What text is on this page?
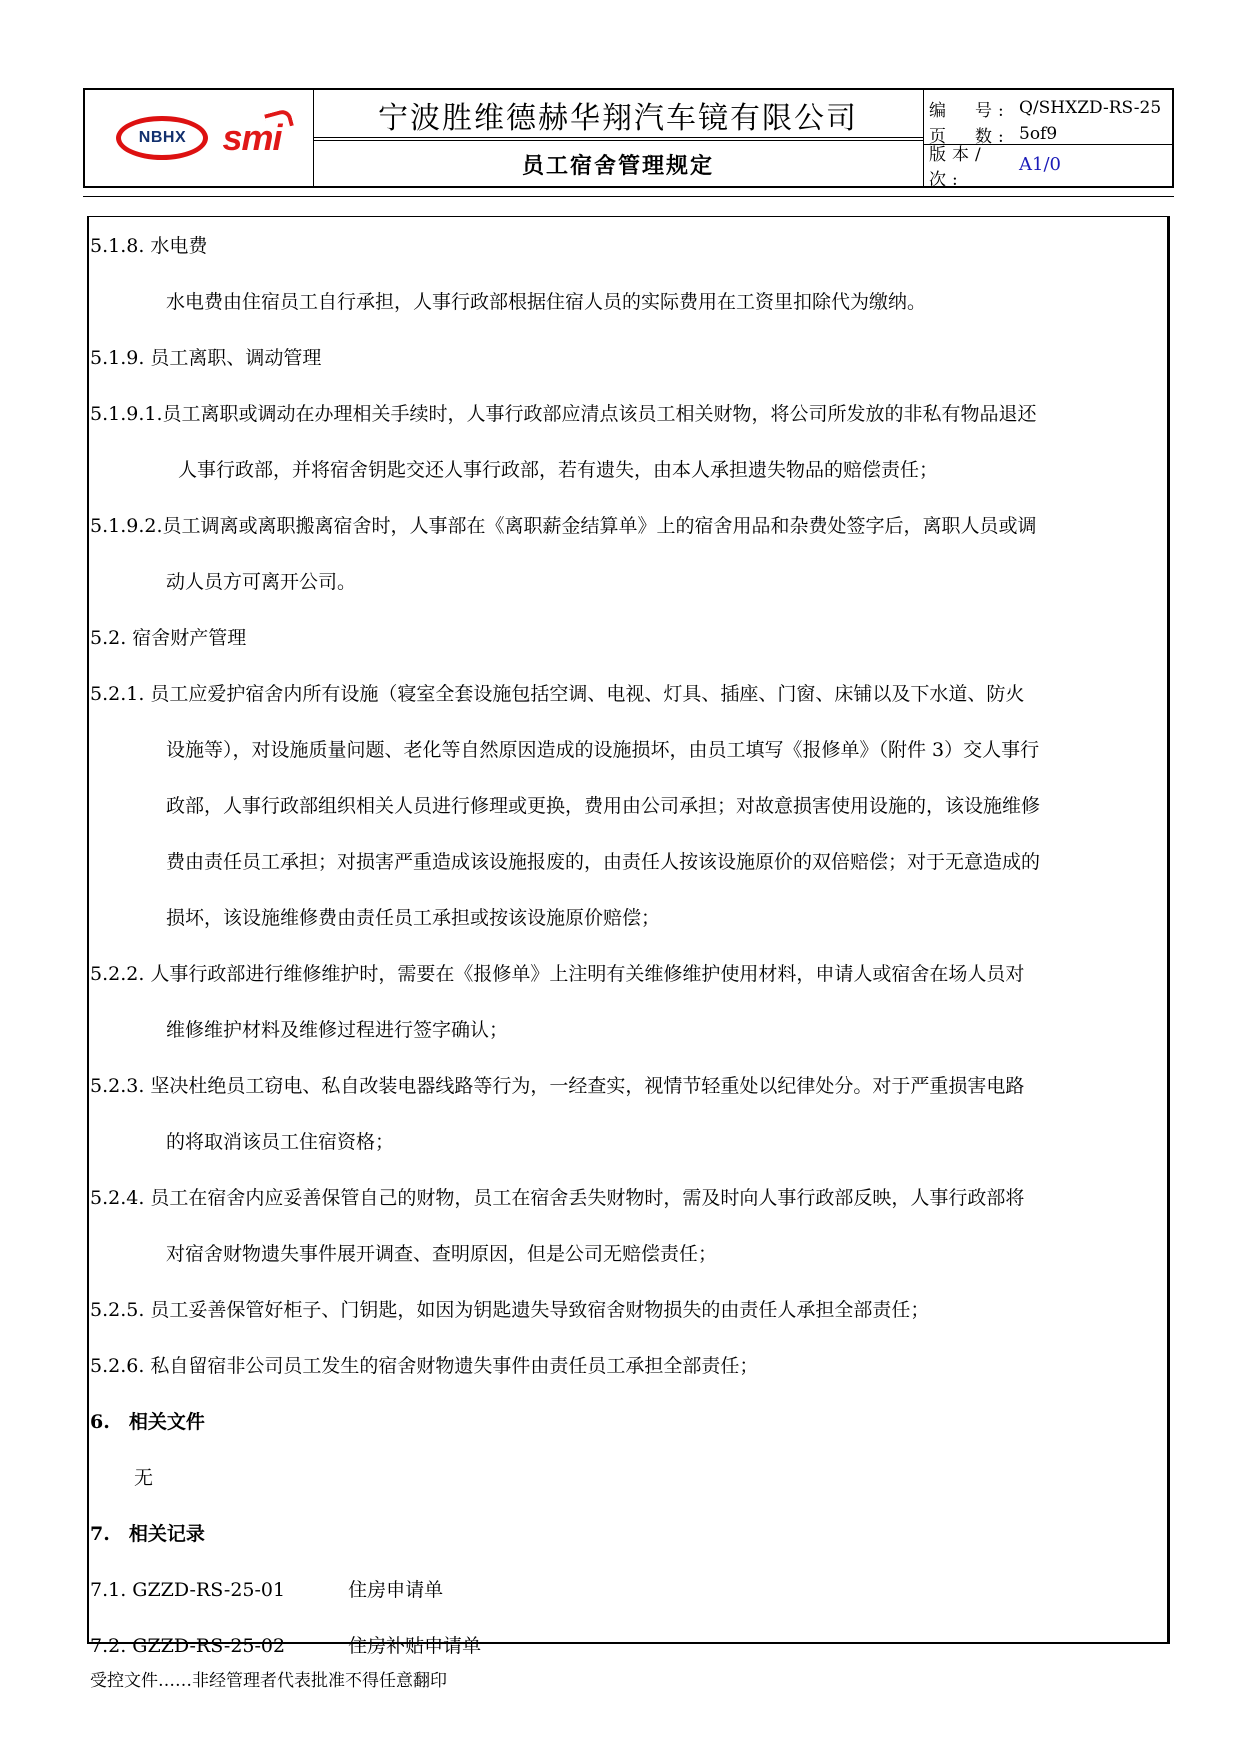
NBHX smi	宁波胜维德赫华翔汽车镜有限公司
员工宿舍管理规定
编　号: Q/SHXZD-RS-25
页　数: 5of9
版本/次:
A1/0
5.1.8. 水电费
水电费由住宿员工自行承担，人事行政部根据住宿人员的实际费用在工资里扣除代为缴纳。
5.1.9. 员工离职、调动管理
5.1.9.1.员工离职或调动在办理相关手续时，人事行政部应清点该员工相关财物，将公司所发放的非私有物品退还
人事行政部，并将宿舍钥匙交还人事行政部，若有遗失，由本人承担遗失物品的赔偿责任；
5.1.9.2.员工调离或离职搬离宿舍时，人事部在《离职薪金结算单》上的宿舍用品和杂费处签字后，离职人员或调
动人员方可离开公司。
5.2. 宿舍财产管理
5.2.1. 员工应爱护宿舍内所有设施（寝室全套设施包括空调、电视、灯具、插座、门窗、床铺以及下水道、防火
设施等），对设施质量问题、老化等自然原因造成的设施损坏，由员工填写《报修单》（附件 3）交人事行
政部，人事行政部组织相关人员进行修理或更换，费用由公司承担；对故意损害使用设施的，该设施维修
费由责任员工承担；对损害严重造成该设施报废的，由责任人按该设施原价的双倍赔偿；对于无意造成的
损坏，该设施维修费由责任员工承担或按该设施原价赔偿；
5.2.2. 人事行政部进行维修维护时，需要在《报修单》上注明有关维修维护使用材料，申请人或宿舍在场人员对
维修维护材料及维修过程进行签字确认；
5.2.3. 坚决杜绝员工窃电、私自改装电器线路等行为，一经查实，视情节轻重处以纪律处分。对于严重损害电路
的将取消该员工住宿资格；
5.2.4. 员工在宿舍内应妥善保管自己的财物，员工在宿舍丢失财物时，需及时向人事行政部反映，人事行政部将
对宿舍财物遗失事件展开调查、查明原因，但是公司无赔偿责任；
5.2.5. 员工妥善保管好柜子、门钥匙，如因为钥匙遗失导致宿舍财物损失的由责任人承担全部责任；
5.2.6. 私自留宿非公司员工发生的宿舍财物遗失事件由责任员工承担全部责任；
6.　相关文件
无
7.　相关记录
7.1. GZZD-RS-25-01　　　 住房申请单
7.2. GZZD-RS-25-02　　　 住房补贴申请单
受控文件……非经管理者代表批准不得任意翻印
